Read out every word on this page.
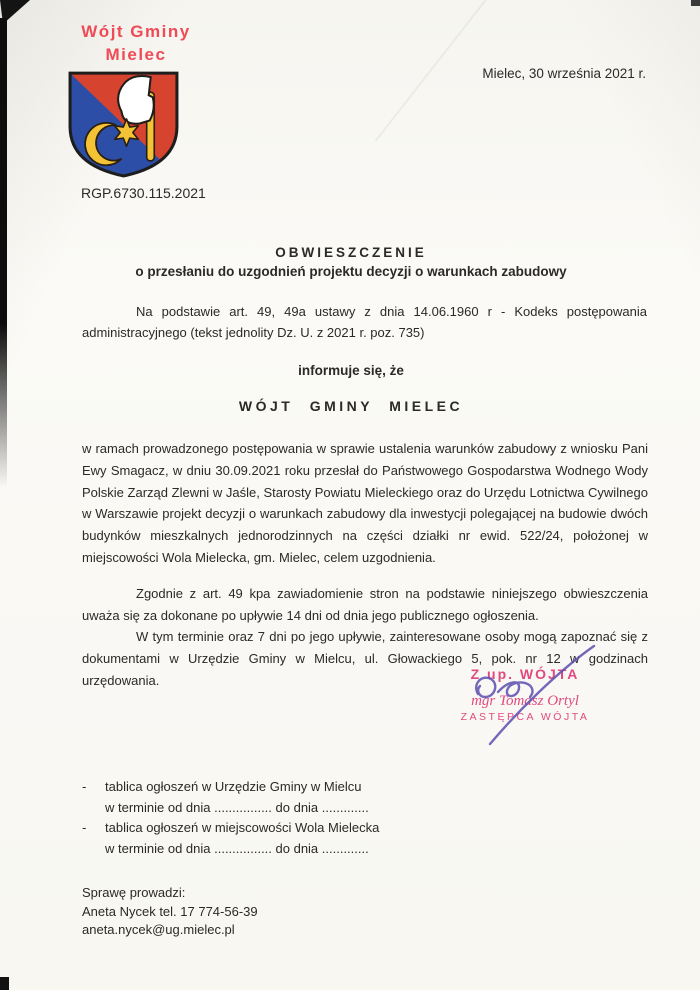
Wójt Gminy
Mielec
Mielec, 30 września 2021 r.
RGP.6730.115.2021
OBWIESZCZENIE
o przesłaniu do uzgodnień projektu decyzji o warunkach zabudowy
Na podstawie art. 49, 49a ustawy z dnia 14.06.1960 r - Kodeks postępowania administracyjnego (tekst jednolity Dz. U. z 2021 r. poz. 735)
informuje się, że
WÓJT GMINY MIELEC

w ramach prowadzonego postępowania w sprawie ustalenia warunków zabudowy z wniosku Pani Ewy Smagacz, w dniu 30.09.2021 roku przesłał do Państwowego Gospodarstwa Wodnego Wody Polskie Zarząd Zlewni w Jaśle, Starosty Powiatu Mieleckiego oraz do Urzędu Lotnictwa Cywilnego w Warszawie projekt decyzji o warunkach zabudowy dla inwestycji polegającej na budowie dwóch budynków mieszkalnych jednorodzinnych na części działki nr ewid. 522/24, położonej w miejscowości Wola Mielecka, gm. Mielec, celem uzgodnienia.

Zgodnie z art. 49 kpa zawiadomienie stron na podstawie niniejszego obwieszczenia uważa się za dokonane po upływie 14 dni od dnia jego publicznego ogłoszenia.

W tym terminie oraz 7 dni po jego upływie, zainteresowane osoby mogą zapoznać się z dokumentami w Urzędzie Gminy w Mielcu, ul. Głowackiego 5, pok. nr 12 w godzinach urzędowania.	Z up. WÓJTA
mgr Tomasz Ortyl
ZASTĘPCA WÓJTA
-	tablica ogłoszeń w Urzędzie Gminy w Mielcu
w terminie od dnia ................ do dnia .............
-	tablica ogłoszeń w miejscowości Wola Mielecka
w terminie od dnia ................ do dnia .............
Sprawę prowadzi:
Aneta Nycek tel. 17 774-56-39
aneta.nycek@ug.mielec.pl
